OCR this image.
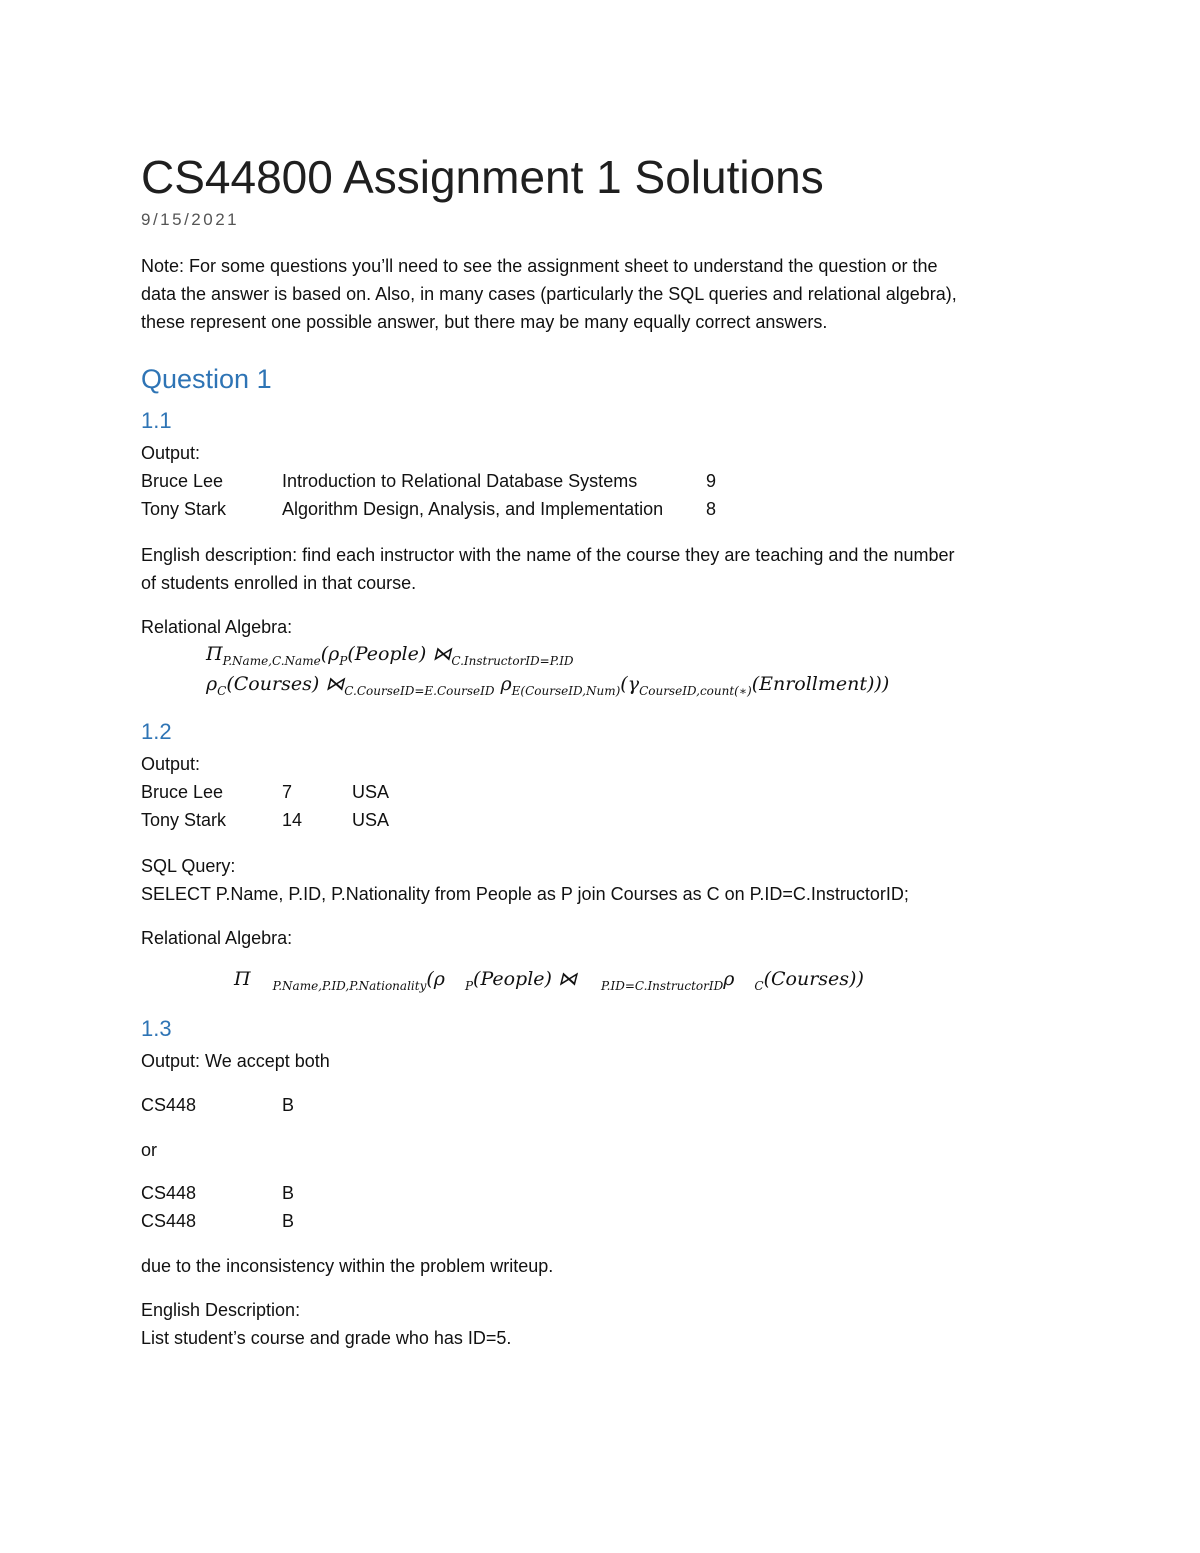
CS44800 Assignment 1 Solutions
9/15/2021
Note: For some questions you’ll need to see the assignment sheet to understand the question or the
data the answer is based on. Also, in many cases (particularly the SQL queries and relational algebra),
these represent one possible answer, but there may be many equally correct answers.
Question 1
1.1
Output:
Bruce Lee	Introduction to Relational Database Systems	9
Tony Stark	Algorithm Design, Analysis, and Implementation 8
English description: find each instructor with the name of the course they are teaching and the number
of students enrolled in that course.
Relational Algebra:
$\Pi_{P.Name,C.Name}(\rho_P(People)$ $⋈_{C.InstructorID=P.ID}$
$\rho_C(Courses)$ $⋈_{C.CourseID=E.CourseID}$ $\rho_{E(CourseID,Num)}(\gamma_{CourseID,count(∗)}(Enrollment))$)
1.2
Output:
Bruce Lee	7	USA
Tony Stark	14	USA
SQL Query:
SELECT P.Name, P.ID, P.Nationality from People as P join Courses as C on P.ID=C.InstructorID;
Relational Algebra:
Π $_{P.Name,P.ID,P.Nationality}$(ρ $_P$(People) ⋈ $_{P.ID=C.InstructorID}$ρ $_C$(Courses))
1.3
Output: We accept both
CS448	B
or
CS448	B
CS448	B
due to the inconsistency within the problem writeup.
English Description:
List student’s course and grade who has ID=5.
